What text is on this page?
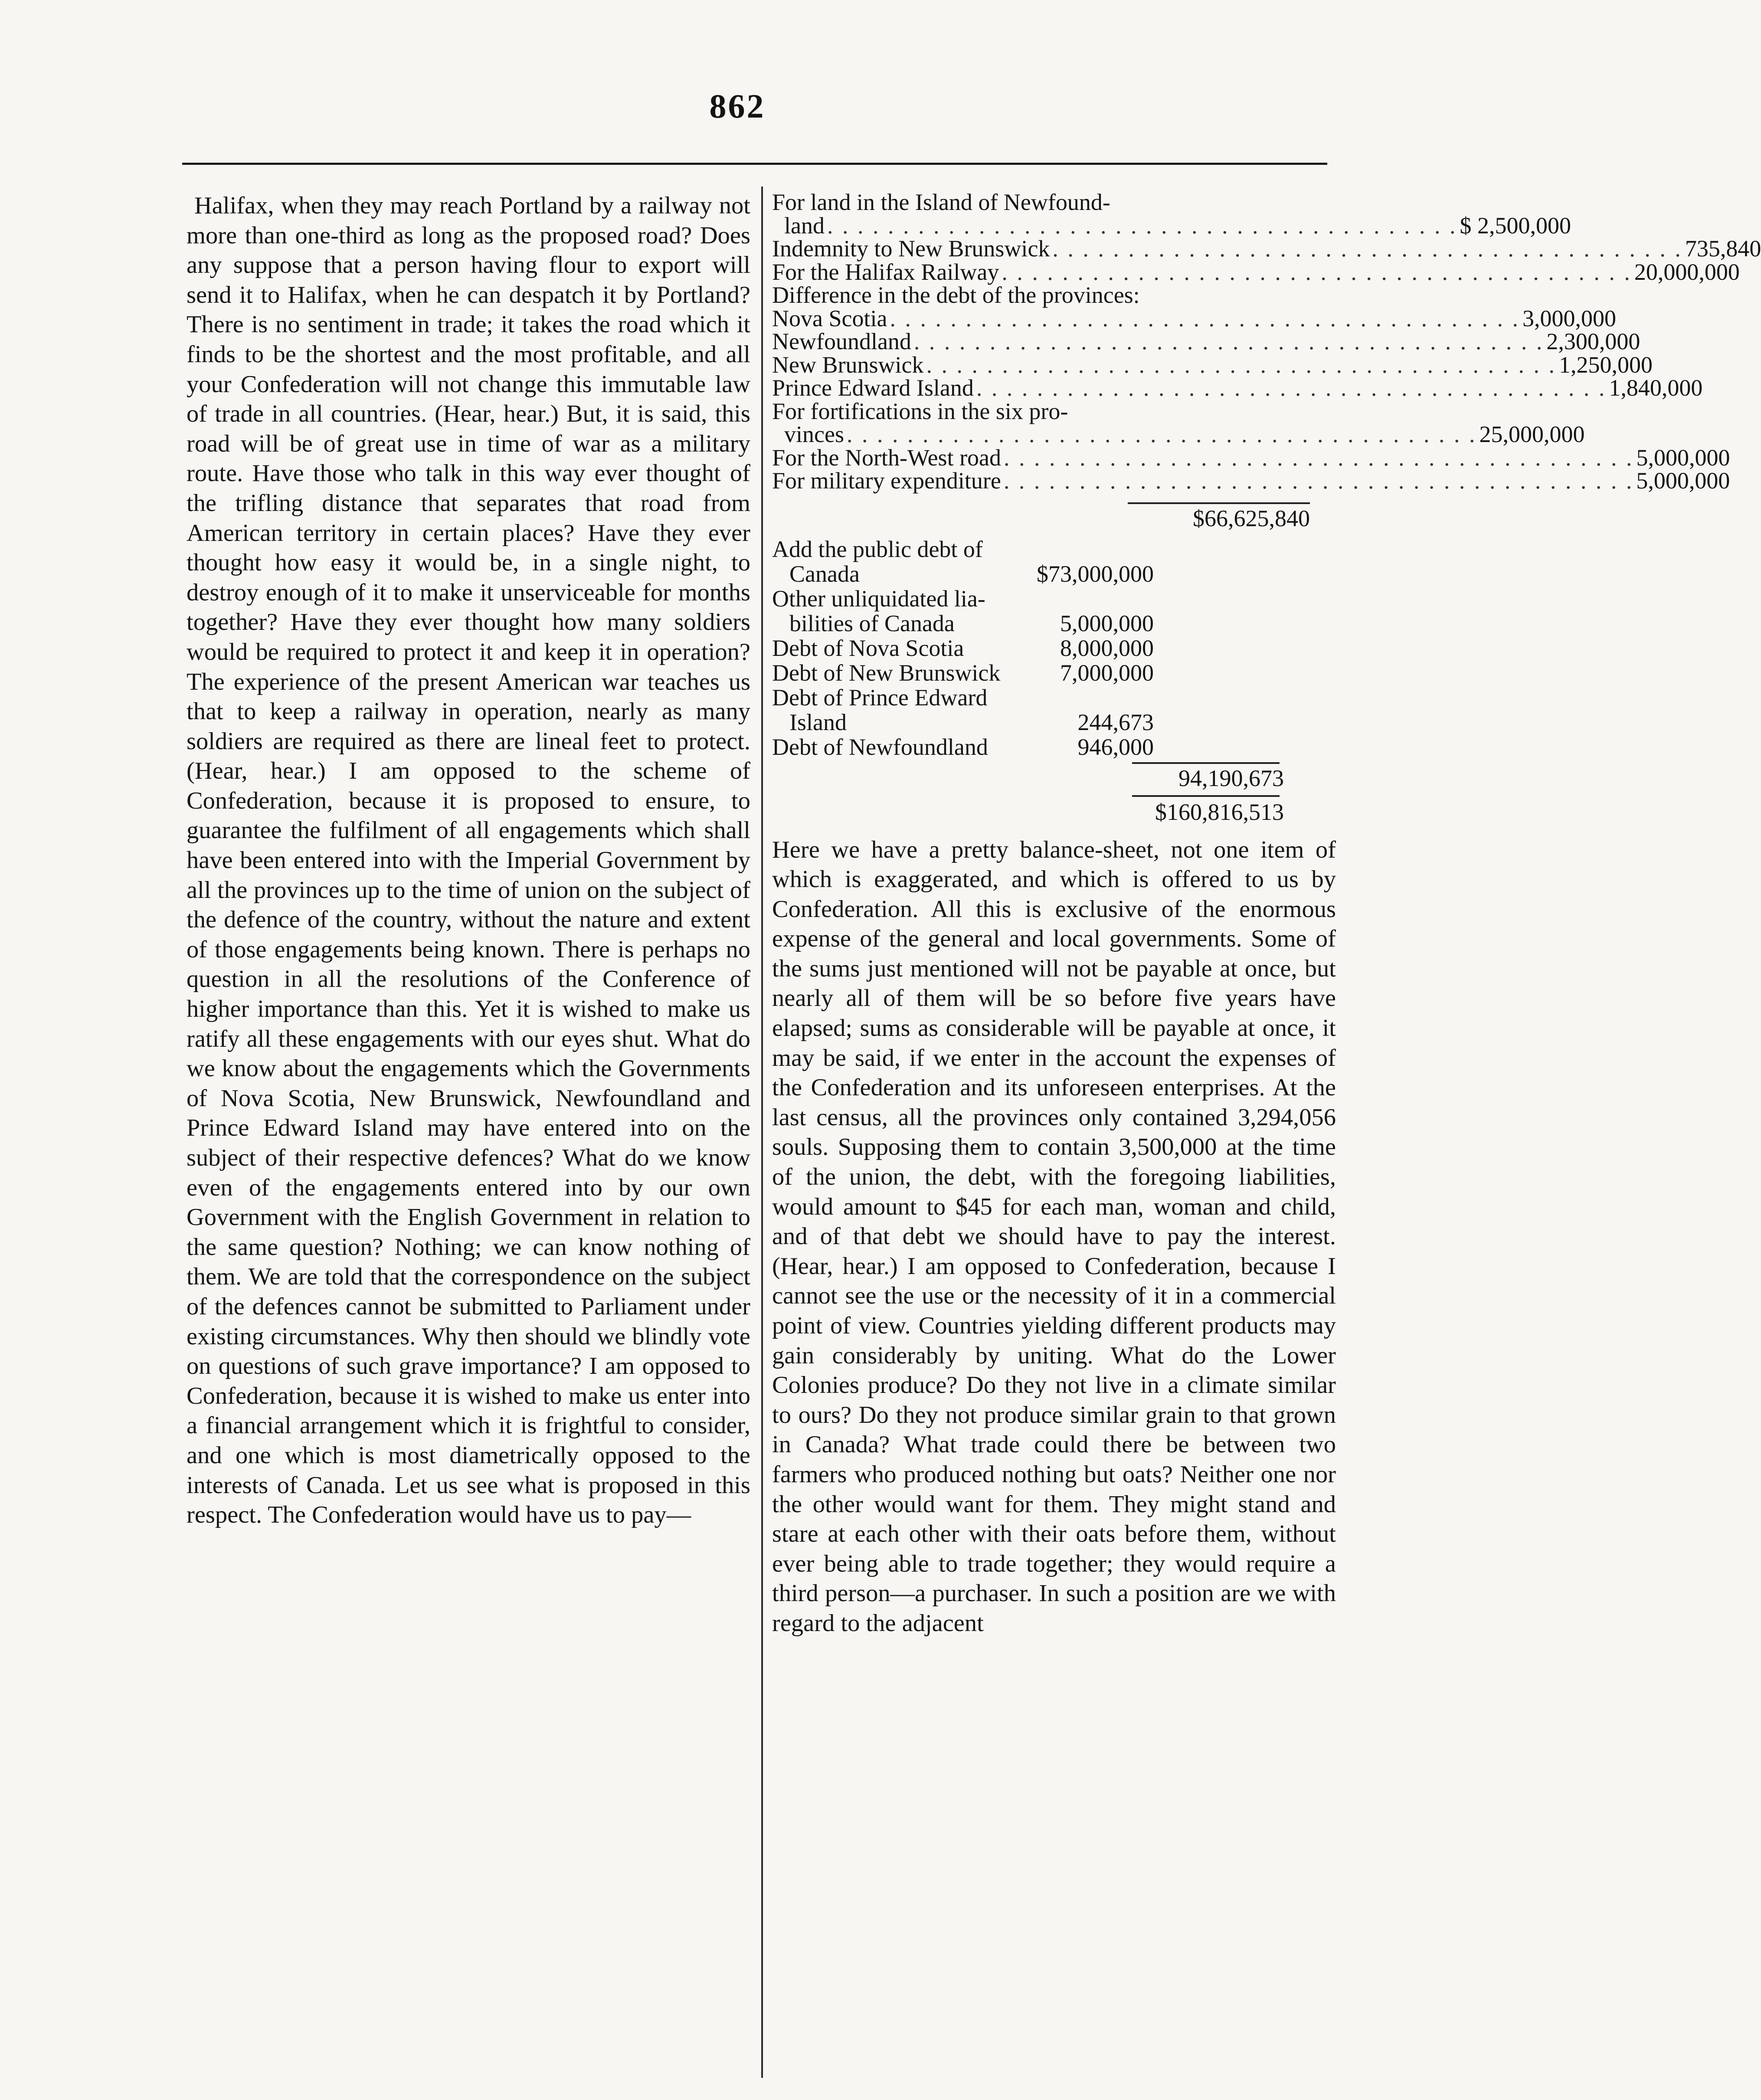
862

Halifax, when they may reach Portland by a railway not more than one-third as long as the proposed road? Does any suppose that a person having flour to export will send it to Halifax, when he can despatch it by Portland? There is no sentiment in trade; it takes the road which it finds to be the shortest and the most profitable, and all your Confederation will not change this immutable law of trade in all countries. (Hear, hear.) But, it is said, this road will be of great use in time of war as a military route. Have those who talk in this way ever thought of the trifling distance that separates that road from American territory in certain places? Have they ever thought how easy it would be, in a single night, to destroy enough of it to make it unserviceable for months together? Have they ever thought how many soldiers would be required to protect it and keep it in operation? The experience of the present American war teaches us that to keep a railway in operation, nearly as many soldiers are required as there are lineal feet to protect. (Hear, hear.) I am opposed to the scheme of Confederation, because it is proposed to ensure, to guarantee the fulfilment of all engagements which shall have been entered into with the Imperial Government by all the provinces up to the time of union on the subject of the defence of the country, without the nature and extent of those engagements being known. There is perhaps no question in all the resolutions of the Conference of higher importance than this. Yet it is wished to make us ratify all these engagements with our eyes shut. What do we know about the engagements which the Governments of Nova Scotia, New Brunswick, Newfoundland and Prince Edward Island may have entered into on the subject of their respective defences? What do we know even of the engagements entered into by our own Government with the English Government in relation to the same question? Nothing; we can know nothing of them. We are told that the correspondence on the subject of the defences cannot be submitted to Parliament under existing circumstances. Why then should we blindly vote on questions of such grave importance? I am opposed to Confederation, because it is wished to make us enter into a financial arrangement which it is frightful to consider, and one which is most diametrically opposed to the interests of Canada. Let us see what is proposed in this respect. The Confederation would have us to pay—

For land in the Island of Newfound-
land . . . . . . . . . . . . . . . . . . . . . . . . . . . . . . . . . . . . . . . . . . $ 2,500,000
Indemnity to New Brunswick . . . . . . . . . . . . . . . . . . . . . . . . . . . . . . . . . . . . . . . . . . 735,840
For the Halifax Railway . . . . . . . . . . . . . . . . . . . . . . . . . . . . . . . . . . . . . . . . . . 20,000,000
Difference in the debt of the provinces:
Nova Scotia . . . . . . . . . . . . . . . . . . . . . . . . . . . . . . . . . . . . . . . . . . 3,000,000
Newfoundland . . . . . . . . . . . . . . . . . . . . . . . . . . . . . . . . . . . . . . . . . . 2,300,000
New Brunswick . . . . . . . . . . . . . . . . . . . . . . . . . . . . . . . . . . . . . . . . . . 1,250,000
Prince Edward Island . . . . . . . . . . . . . . . . . . . . . . . . . . . . . . . . . . . . . . . . . . 1,840,000
For fortifications in the six pro-
vinces . . . . . . . . . . . . . . . . . . . . . . . . . . . . . . . . . . . . . . . . . . 25,000,000
For the North-West road . . . . . . . . . . . . . . . . . . . . . . . . . . . . . . . . . . . . . . . . . . 5,000,000
For military expenditure . . . . . . . . . . . . . . . . . . . . . . . . . . . . . . . . . . . . . . . . . . 5,000,000
$66,625,840
Add the public debt of
Canada	$73,000,000
Other unliquidated lia-
bilities of Canada	5,000,000
Debt of Nova Scotia	8,000,000
Debt of New Brunswick	7,000,000
Debt of Prince Edward
Island	244,673
Debt of Newfoundland	946,000
94,190,673
$160,816,513
Here we have a pretty balance-sheet, not one item of which is exaggerated, and which is offered to us by Confederation. All this is exclusive of the enormous expense of the general and local governments. Some of the sums just mentioned will not be payable at once, but nearly all of them will be so before five years have elapsed; sums as considerable will be payable at once, it may be said, if we enter in the account the expenses of the Confederation and its unforeseen enterprises. At the last census, all the provinces only contained 3,294,056 souls. Supposing them to contain 3,500,000 at the time of the union, the debt, with the foregoing liabilities, would amount to $45 for each man, woman and child, and of that debt we should have to pay the interest. (Hear, hear.) I am opposed to Confederation, because I cannot see the use or the necessity of it in a commercial point of view. Countries yielding different products may gain considerably by uniting. What do the Lower Colonies produce? Do they not live in a climate similar to ours? Do they not produce similar grain to that grown in Canada? What trade could there be between two farmers who produced nothing but oats? Neither one nor the other would want for them. They might stand and stare at each other with their oats before them, without ever being able to trade together; they would require a third person—a purchaser. In such a position are we with regard to the adjacent
